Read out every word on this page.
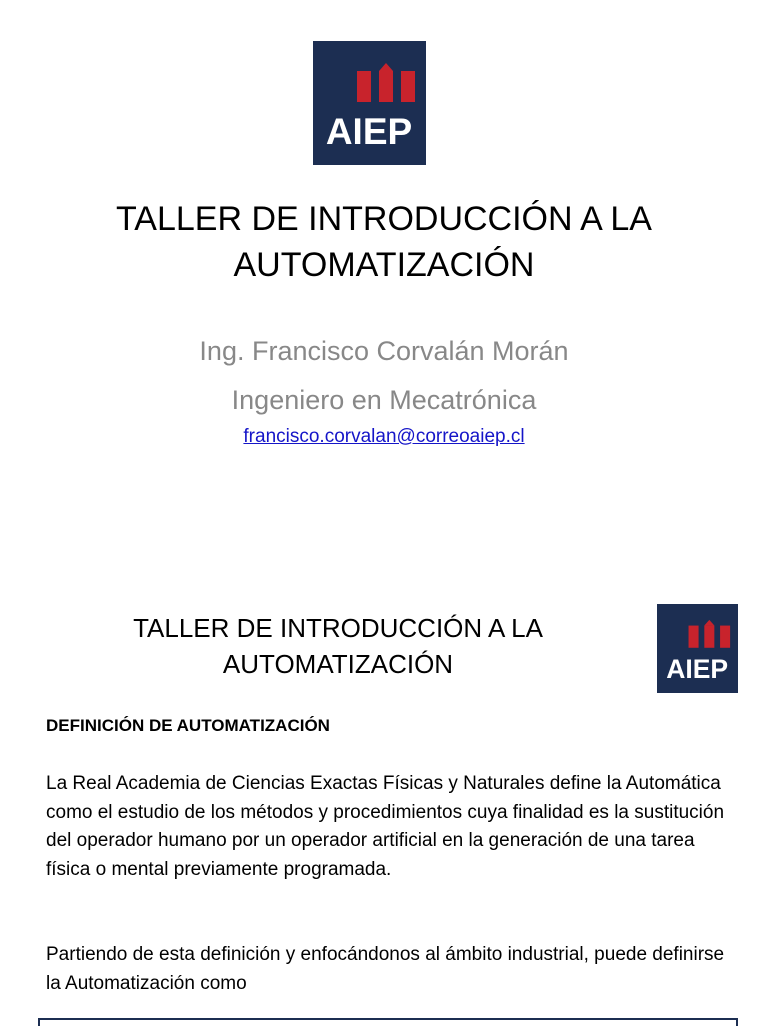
AIEP
TALLER DE INTRODUCCIÓN A LA AUTOMATIZACIÓN
Ing. Francisco Corvalán Morán
Ingeniero en Mecatrónica
francisco.corvalan@correoaiep.cl
AIEP
TALLER DE INTRODUCCIÓN A LA AUTOMATIZACIÓN
DEFINICIÓN DE AUTOMATIZACIÓN
La Real Academia de Ciencias Exactas Físicas y Naturales define la Automática como el estudio de los métodos y procedimientos cuya finalidad es la sustitución del operador humano por un operador artificial en la generación de una tarea física o mental previamente programada.
Partiendo de esta definición y enfocándonos al ámbito industrial, puede definirse la Automatización como
